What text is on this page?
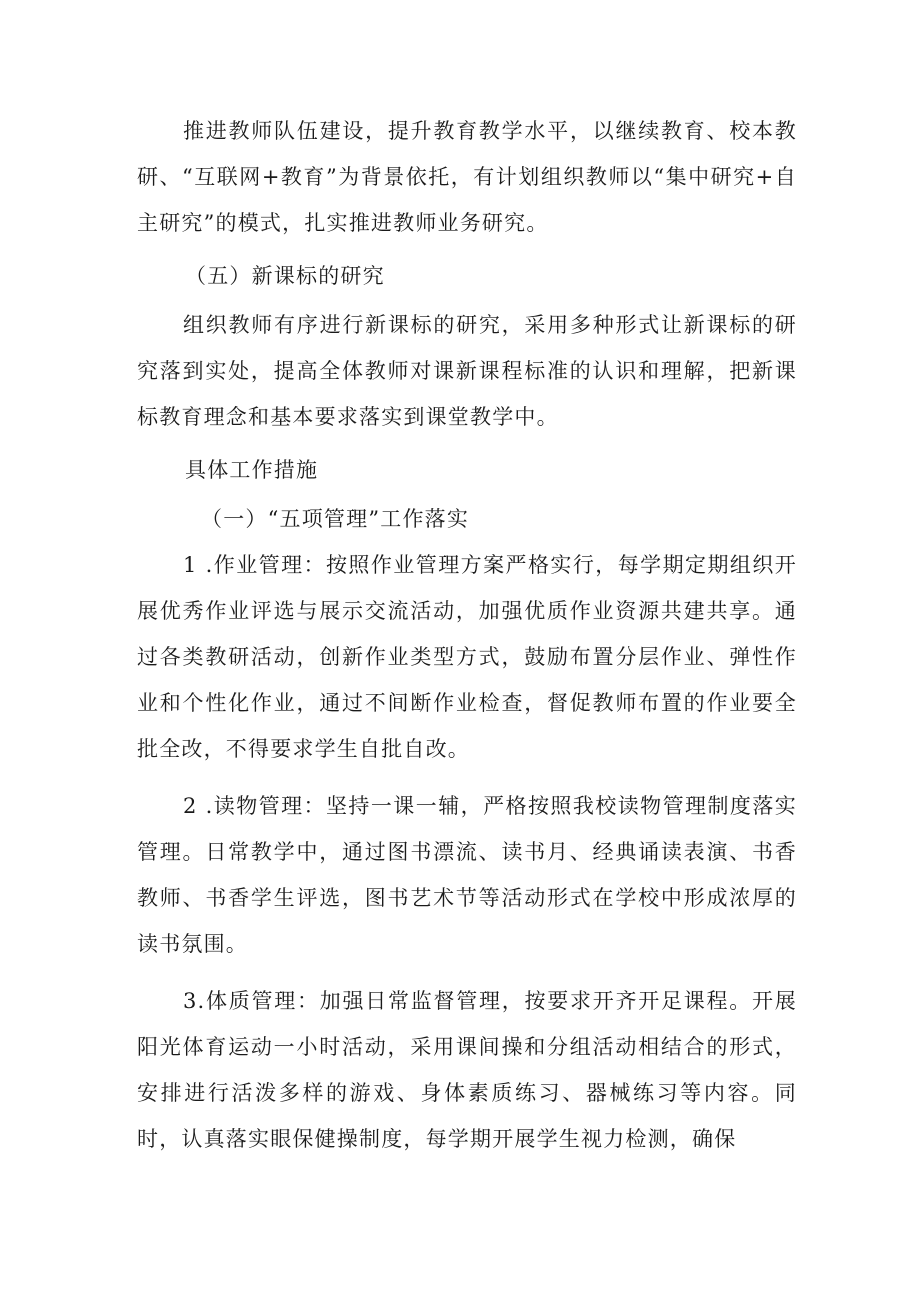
推进教师队伍建设，提升教育教学水平，以继续教育、校本教研、“互联网+教育”为背景依托，有计划组织教师以“集中研究+自主研究”的模式，扎实推进教师业务研究。

（五）新课标的研究

组织教师有序进行新课标的研究，采用多种形式让新课标的研究落到实处，提高全体教师对课新课程标准的认识和理解，把新课标教育理念和基本要求落实到课堂教学中。

具体工作措施

（一）“五项管理”工作落实

1 .作业管理：按照作业管理方案严格实行，每学期定期组织开展优秀作业评选与展示交流活动，加强优质作业资源共建共享。通过各类教研活动，创新作业类型方式，鼓励布置分层作业、弹性作业和个性化作业，通过不间断作业检查，督促教师布置的作业要全批全改，不得要求学生自批自改。

2 .读物管理：坚持一课一辅，严格按照我校读物管理制度落实管理。日常教学中，通过图书漂流、读书月、经典诵读表演、书香教师、书香学生评选，图书艺术节等活动形式在学校中形成浓厚的读书氛围。

3.体质管理：加强日常监督管理，按要求开齐开足课程。开展阳光体育运动一小时活动，采用课间操和分组活动相结合的形式，安排进行活泼多样的游戏、身体素质练习、器械练习等内容。同时，认真落实眼保健操制度，每学期开展学生视力检测，确保
